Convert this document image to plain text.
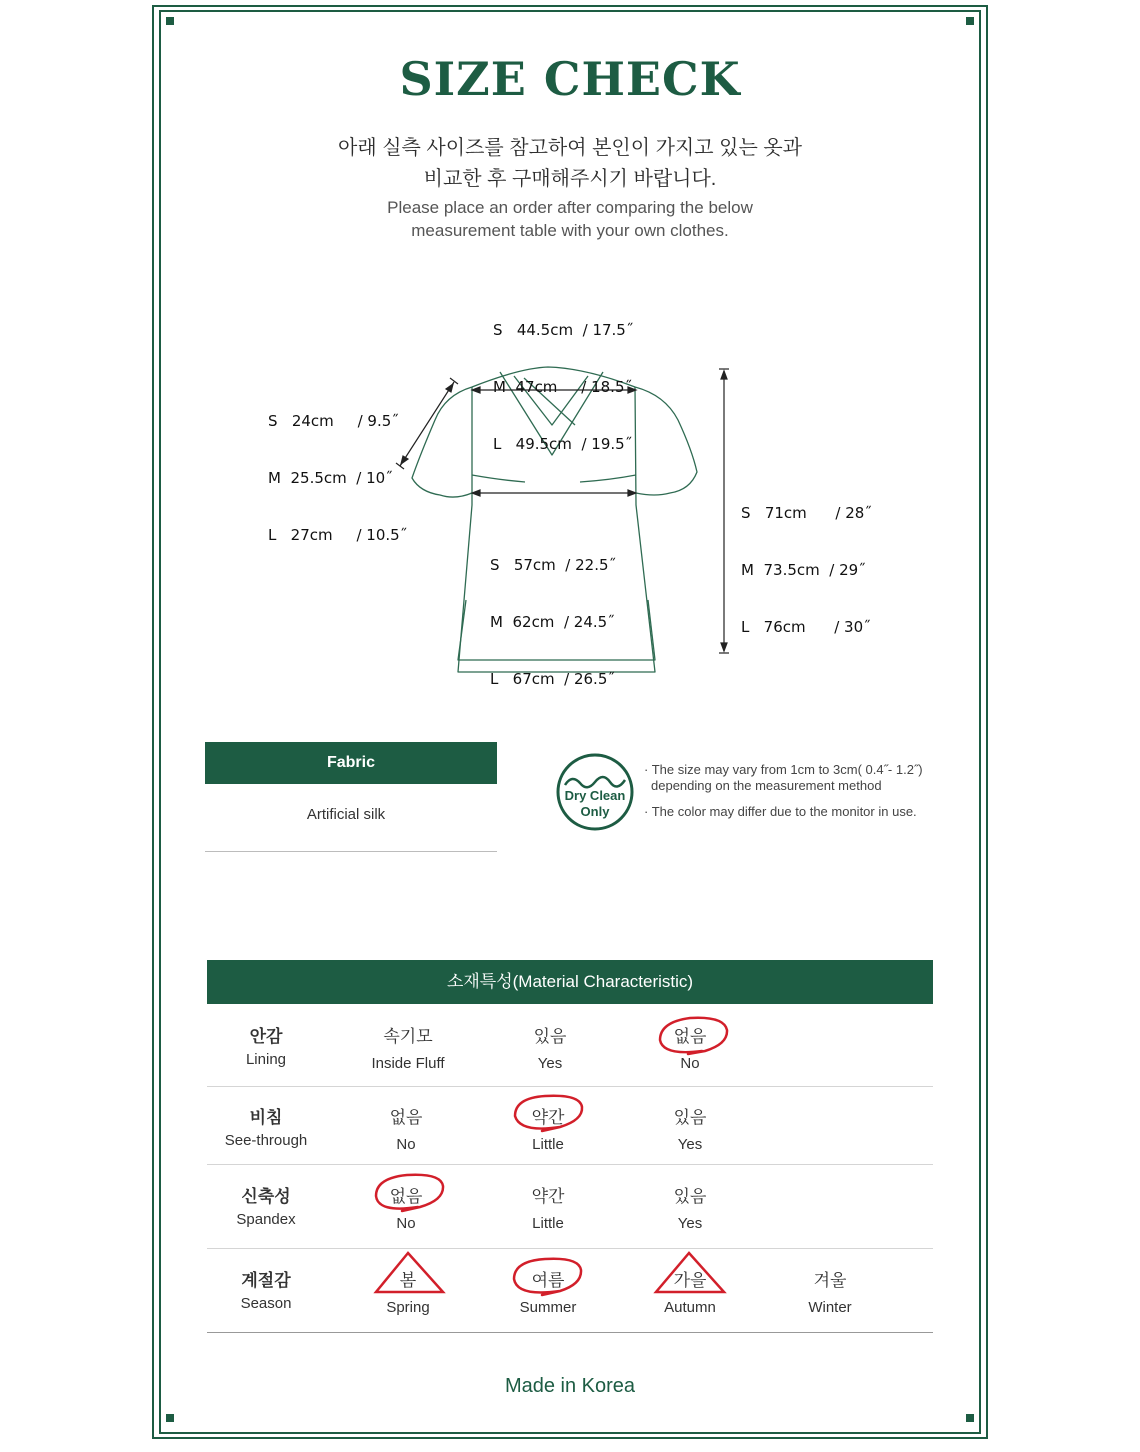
SIZE CHECK
아래 실측 사이즈를 참고하여 본인이 가지고 있는 옷과
비교한 후 구매해주시기 바랍니다.
Please place an order after comparing the below
measurement table with your own clothes.

S   44.5cm  / 17.5˝

M  47cm     / 18.5˝

L   49.5cm  / 19.5˝

S   24cm     / 9.5˝

M  25.5cm  / 10˝

L   27cm     / 10.5˝

S   57cm  / 22.5˝

M  62cm  / 24.5˝

L   67cm  / 26.5˝

S   71cm      / 28˝

M  73.5cm  / 29˝

L   76cm      / 30˝

Fabric
Artificial silk
Dry Clean
Only
· The size may vary from 1cm to 3cm( 0.4˝- 1.2˝)
depending on the measurement method
· The color may differ due to the monitor in use.
소재특성(Material Characteristic)
안감
Lining
속기모
Inside Fluff
있음
Yes
없음
No
비침
See-through
없음
No
약간
Little
있음
Yes
신축성
Spandex
없음
No
약간
Little
있음
Yes
계절감
Season
봄
Spring
여름
Summer
가을
Autumn
겨울
Winter
Made in Korea
